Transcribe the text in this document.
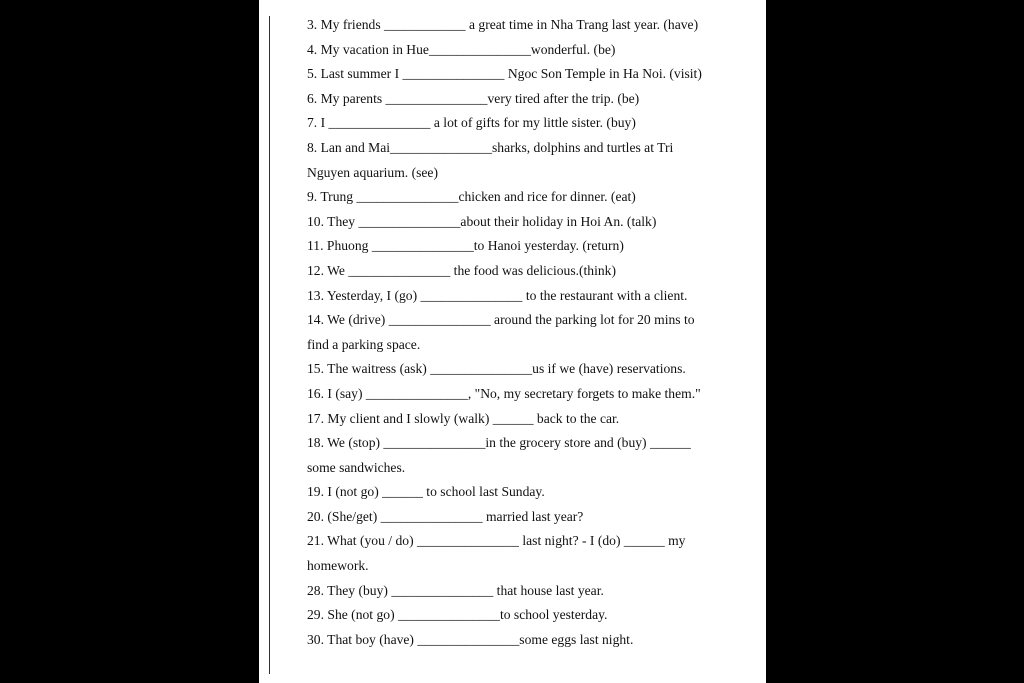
3. My friends ____________ a great time in Nha Trang last year. (have)
4. My vacation in Hue_______________wonderful. (be)
5. Last summer I _______________ Ngoc Son Temple in Ha Noi. (visit)
6. My parents _______________very tired after the trip. (be)
7. I _______________ a lot of gifts for my little sister. (buy)
8. Lan and Mai_______________sharks, dolphins and turtles at Tri
Nguyen aquarium. (see)
9. Trung _______________chicken and rice for dinner. (eat)
10. They _______________about their holiday in Hoi An. (talk)
11. Phuong _______________to Hanoi yesterday. (return)
12. We _______________ the food was delicious.(think)
13. Yesterday, I (go) _______________ to the restaurant with a client.
14. We (drive) _______________ around the parking lot for 20 mins to
find a parking space.
15. The waitress (ask) _______________us if we (have) reservations.
16. I (say) _______________, "No, my secretary forgets to make them."
17. My client and I slowly (walk) ______ back to the car.
18. We (stop) _______________in the grocery store and (buy) ______
some sandwiches.
19. I (not go) ______ to school last Sunday.
20. (She/get) _______________ married last year?
21. What (you / do) _______________ last night? - I (do) ______ my
homework.
28. They (buy) _______________ that house last year.
29. She (not go) _______________to school yesterday.
30. That boy (have) _______________some eggs last night.
